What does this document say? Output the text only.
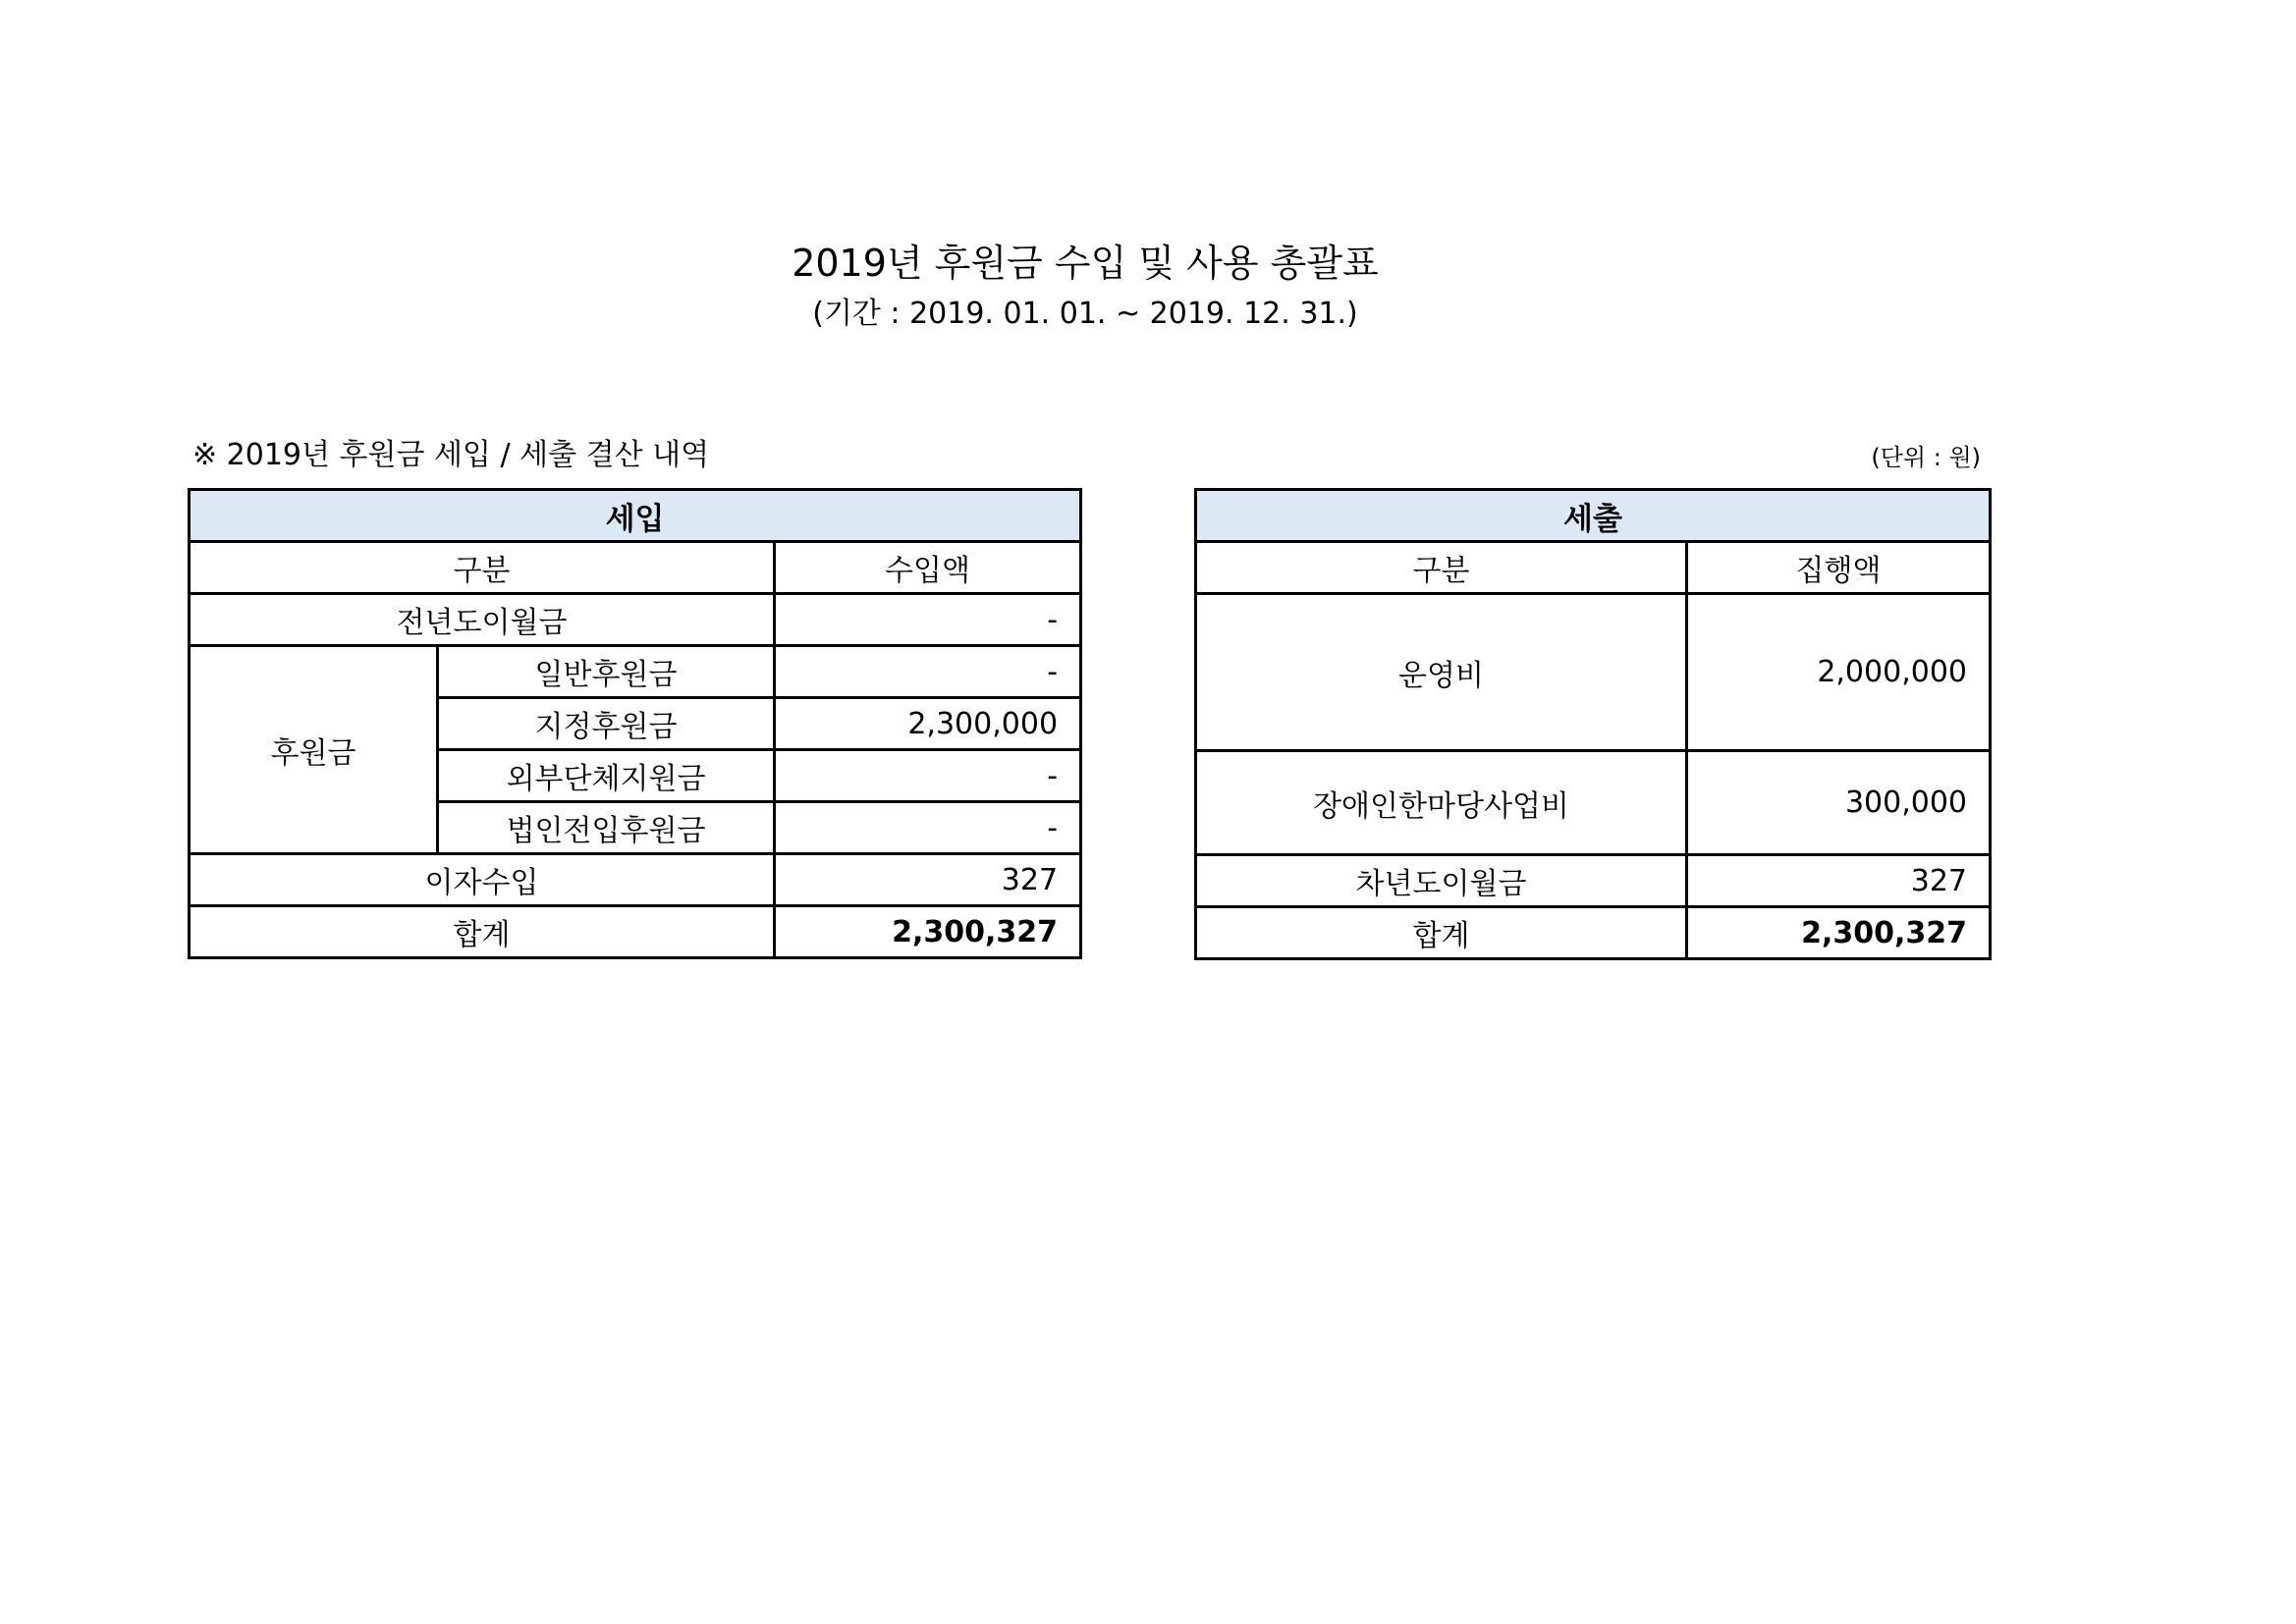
2019년 후원금 수입 및 사용 총괄표
(기간 : 2019. 01. 01. ~ 2019. 12. 31.)
※ 2019년 후원금 세입 / 세출 결산 내역	(단위 : 원)
세입		
구분		수입액
전년도이월금		-
후원금	일반후원금	-
	지정후원금	2,300,000
	외부단체지원금	-
	법인전입후원금	-
이자수입		327
합계		2,300,327
세출	
구분	집행액
운영비	2,000,000
장애인한마당사업비	300,000
차년도이월금	327
합계	2,300,327
